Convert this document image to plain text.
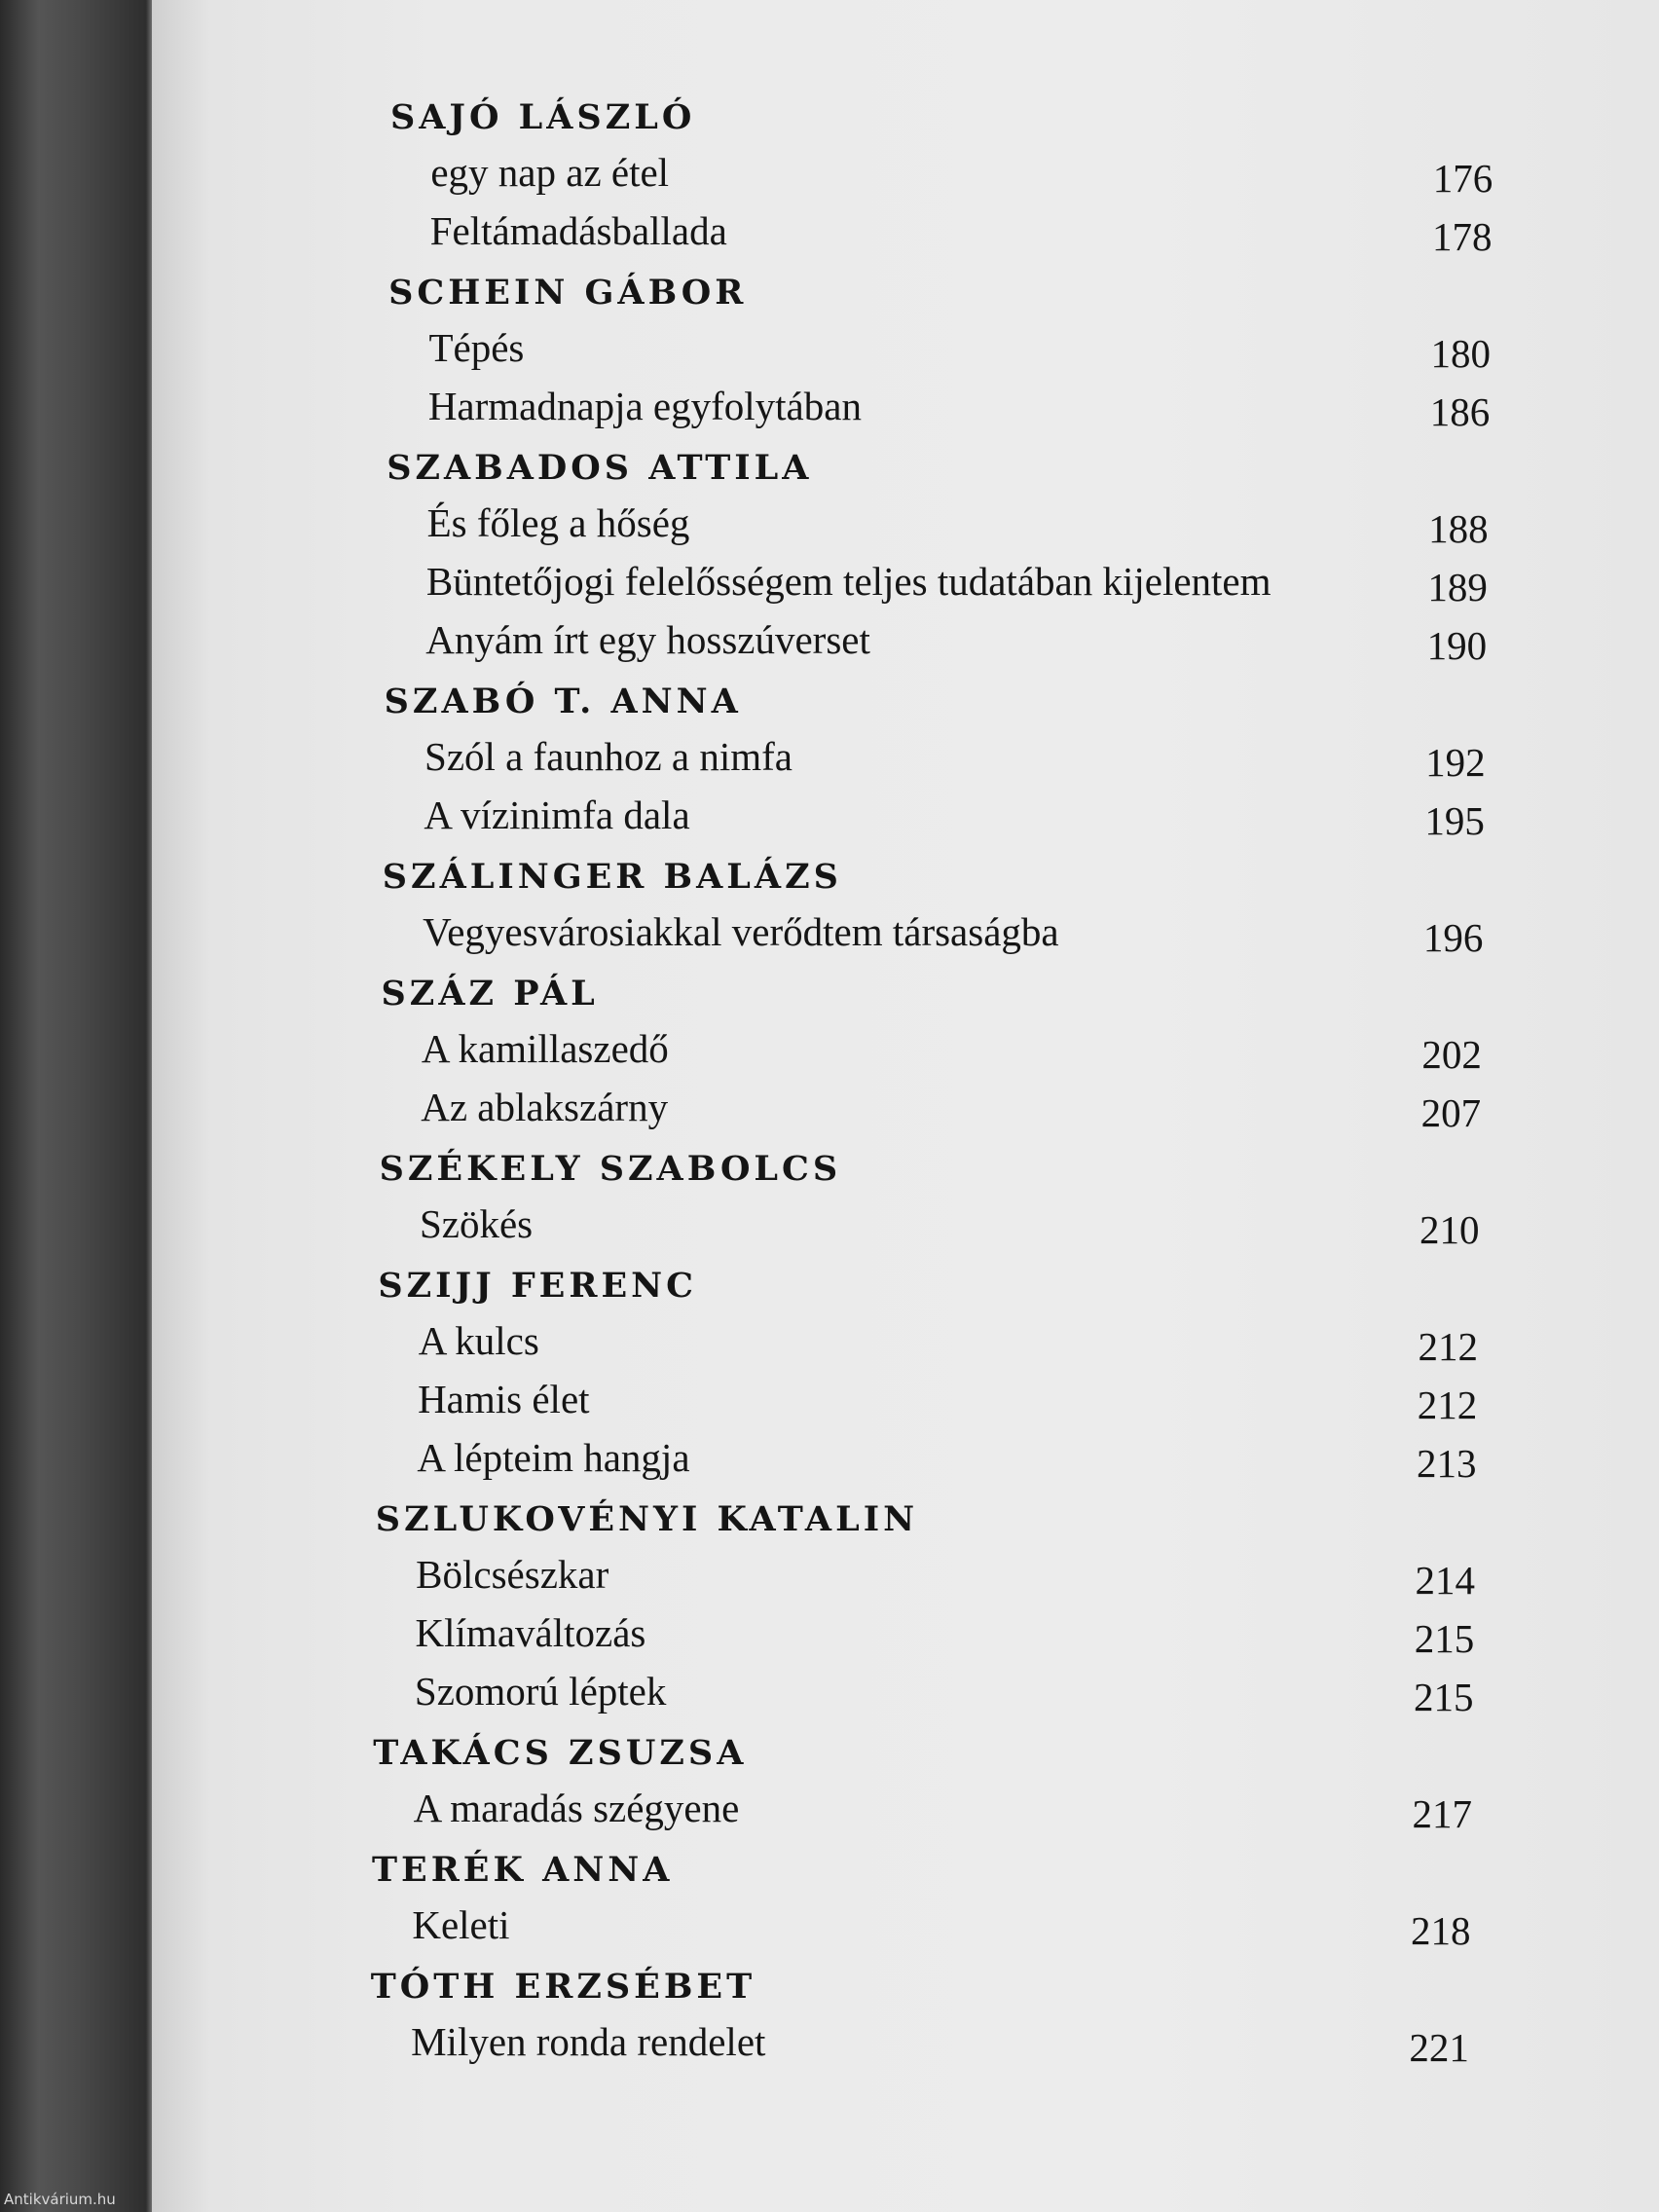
SAJÓ LÁSZLÓ
egy nap az étel	176
Feltámadásballada	178
SCHEIN GÁBOR
Tépés	180
Harmadnapja egyfolytában	186
SZABADOS ATTILA
És főleg a hőség	188
Büntetőjogi felelősségem teljes tudatában kijelentem	189
Anyám írt egy hosszúverset	190
SZABÓ T. ANNA
Szól a faunhoz a nimfa	192
A vízinimfa dala	195
SZÁLINGER BALÁZS
Vegyesvárosiakkal verődtem társaságba	196
SZÁZ PÁL
A kamillaszedő	202
Az ablakszárny	207
SZÉKELY SZABOLCS
Szökés	210
SZIJJ FERENC
A kulcs	212
Hamis élet	212
A lépteim hangja	213
SZLUKOVÉNYI KATALIN
Bölcsészkar	214
Klímaváltozás	215
Szomorú léptek	215
TAKÁCS ZSUZSA
A maradás szégyene	217
TERÉK ANNA
Keleti	218
TÓTH ERZSÉBET
Milyen ronda rendelet	221
Antikvárium.hu
